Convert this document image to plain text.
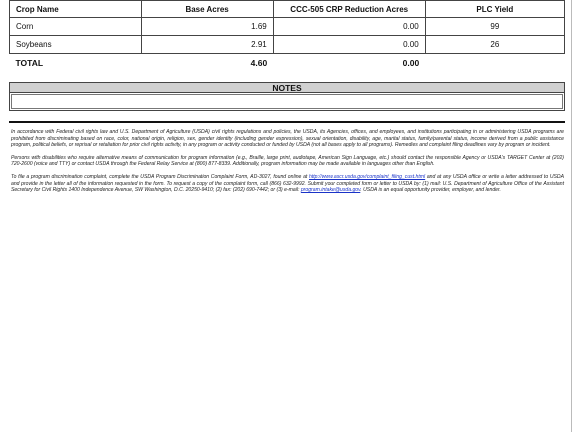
Crop Name	Base Acres	CCC-505 CRP Reduction Acres	PLC Yield
Corn	1.69	0.00	99
Soybeans	2.91	0.00	26
TOTAL	4.60	0.00	
NOTES

In accordance with Federal civil rights law and U.S. Department of Agriculture (USDA) civil rights regulations and policies, the USDA, its Agencies, offices, and employees, and institutions participating in or administering USDA programs are prohibited from discriminating based on race, color, national origin, religion, sex, gender identity (including gender expression), sexual orientation, disability, age, marital status, family/parental status, income derived from a public assistance program, political beliefs, or reprisal or retaliation for prior civil rights activity, in any program or activity conducted or funded by USDA (not all bases apply to all programs). Remedies and complaint filing deadlines vary by program or incident.

Persons with disabilities who require alternative means of communication for program information (e.g., Braille, large print, audiotape, American Sign Language, etc.) should contact the responsible Agency or USDA's TARGET Center at (202) 720-2600 (voice and TTY) or contact USDA through the Federal Relay Service at (800) 877-8339. Additionally, program information may be made available in languages other than English.

To file a program discrimination complaint, complete the USDA Program Discrimination Complaint Form, AD-3027, found online at http://www.ascr.usda.gov/complaint_filing_cust.html and at any USDA office or write a letter addressed to USDA and provide in the letter all of the information requested in the form. To request a copy of the complaint form, call (866) 632-9992. Submit your completed form or letter to USDA by: (1) mail: U.S. Department of Agriculture Office of the Assistant Secretary for Civil Rights 1400 Independence Avenue, SW Washington, D.C. 20250-9410; (2) fax: (202) 690-7442; or (3) e-mail: program.intake@usda.gov. USDA is an equal opportunity provider, employer, and lender.
